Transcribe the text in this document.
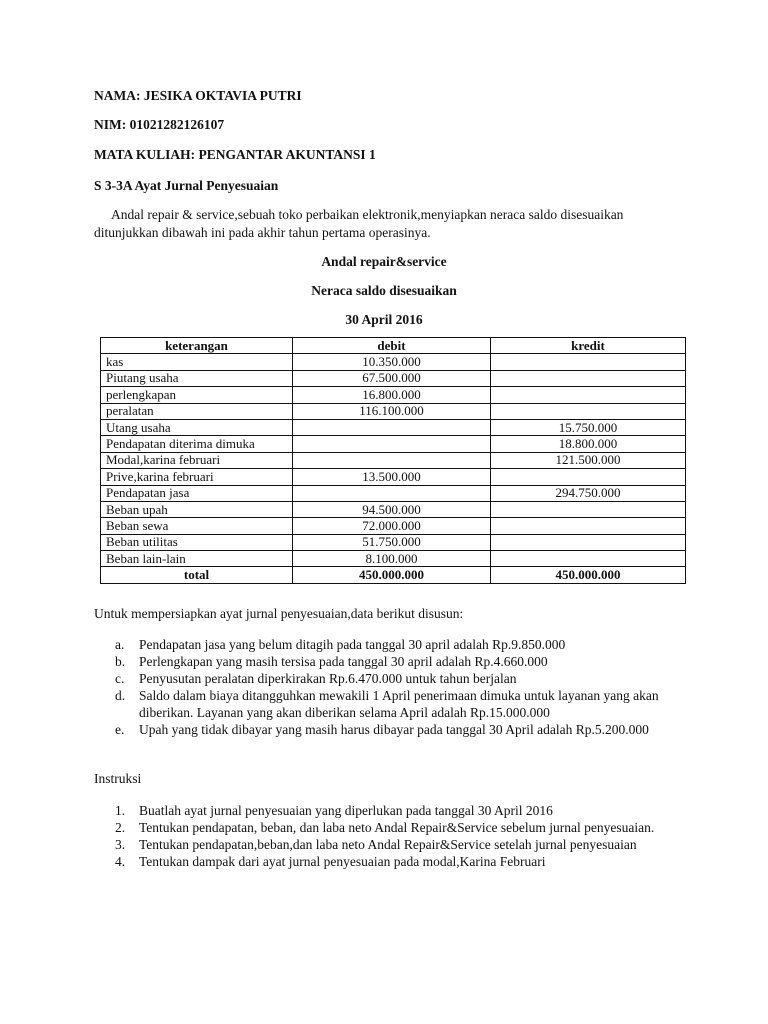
NAMA: JESIKA OKTAVIA PUTRI
NIM: 01021282126107
MATA KULIAH: PENGANTAR AKUNTANSI 1
S 3-3A Ayat Jurnal Penyesuaian
Andal repair & service,sebuah toko perbaikan elektronik,menyiapkan neraca saldo disesuaikan ditunjukkan dibawah ini pada akhir tahun pertama operasinya.
Andal repair&service
Neraca saldo disesuaikan
30 April 2016
keterangan	debit	kredit
kas	10.350.000	
Piutang usaha	67.500.000	
perlengkapan	16.800.000	
peralatan	116.100.000	
Utang usaha		15.750.000
Pendapatan diterima dimuka		18.800.000
Modal,karina februari		121.500.000
Prive,karina februari	13.500.000	
Pendapatan jasa		294.750.000
Beban upah	94.500.000	
Beban sewa	72.000.000	
Beban utilitas	51.750.000	
Beban lain-lain	8.100.000	
total	450.000.000	450.000.000
Untuk mempersiapkan ayat jurnal penyesuaian,data berikut disusun:
a. Pendapatan jasa yang belum ditagih pada tanggal 30 april adalah Rp.9.850.000
b. Perlengkapan yang masih tersisa pada tanggal 30 april adalah Rp.4.660.000
c. Penyusutan peralatan diperkirakan Rp.6.470.000 untuk tahun berjalan
d. Saldo dalam biaya ditangguhkan mewakili 1 April penerimaan dimuka untuk layanan yang akan diberikan. Layanan yang akan diberikan selama April adalah Rp.15.000.000
e. Upah yang tidak dibayar yang masih harus dibayar pada tanggal 30 April adalah Rp.5.200.000
Instruksi
1. Buatlah ayat jurnal penyesuaian yang diperlukan pada tanggal 30 April 2016
2. Tentukan pendapatan, beban, dan laba neto Andal Repair&Service sebelum jurnal penyesuaian.
3. Tentukan pendapatan,beban,dan laba neto Andal Repair&Service setelah jurnal penyesuaian
4. Tentukan dampak dari ayat jurnal penyesuaian pada modal,Karina Februari
